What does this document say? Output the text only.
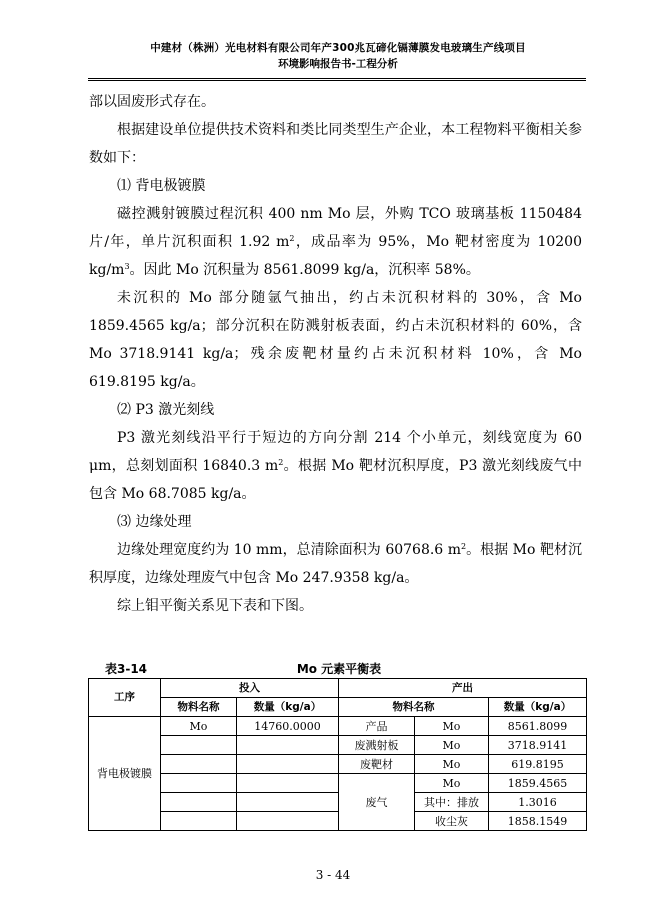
中建材（株洲）光电材料有限公司年产300兆瓦碲化镉薄膜发电玻璃生产线项目
环境影响报告书-工程分析

部以固废形式存在。

根据建设单位提供技术资料和类比同类型生产企业，本工程物料平衡相关参数如下：

⑴ 背电极镀膜

磁控溅射镀膜过程沉积 400 nm Mo 层，外购 TCO 玻璃基板 1150484 片/年，单片沉积面积 1.92 $m^2$，成品率为 95%，Mo 靶材密度为 10200 $kg/m^3$。因此 Mo 沉积量为 8561.8099 kg/a，沉积率 58%。

未沉积的 Mo 部分随氩气抽出，约占未沉积材料的 30%，含 Mo 1859.4565 kg/a；部分沉积在防溅射板表面，约占未沉积材料的 60%，含 Mo 3718.9141 kg/a；残余废靶材量约占未沉积材料 10%，含 Mo 619.8195 kg/a。

⑵ P3 激光刻线

P3 激光刻线沿平行于短边的方向分割 214 个小单元，刻线宽度为 60 μm，总刻划面积 16840.3 $m^2$。根据 Mo 靶材沉积厚度，P3 激光刻线废气中包含 Mo 68.7085 kg/a。

⑶ 边缘处理

边缘处理宽度约为 10 mm，总清除面积为 60768.6 $m^2$。根据 Mo 靶材沉积厚度，边缘处理废气中包含 Mo 247.9358 kg/a。

综上钼平衡关系见下表和下图。

表3-14	Mo 元素平衡表
工序	投入		产出		
	物料名称	数量（kg/a）	物料名称		数量（kg/a）
背电极镀膜	Mo	14760.0000	产品	Mo	8561.8099
			废溅射板	Mo	3718.9141
			废靶材	Mo	619.8195
			废气	Mo	1859.4565
				其中：排放	1.3016
				收尘灰	1858.1549
3 - 44
